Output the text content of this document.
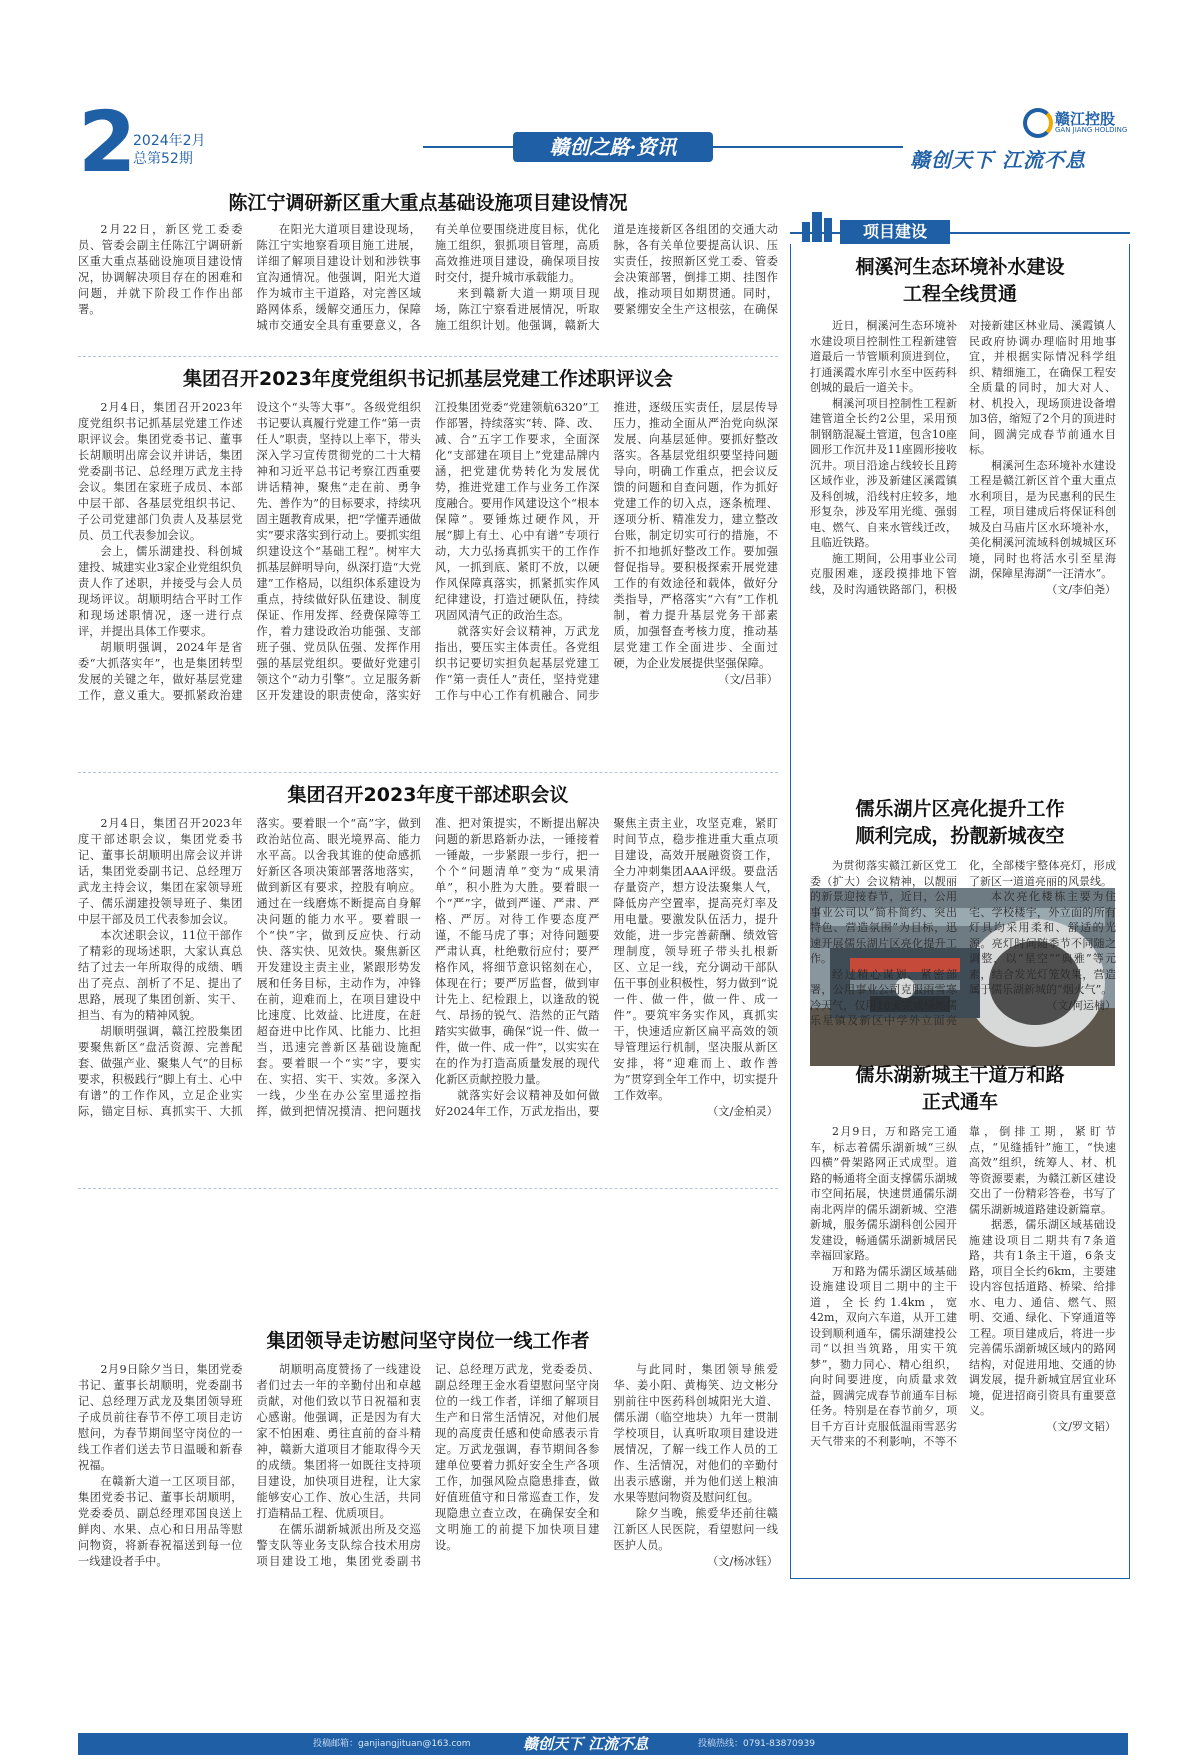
2 2024年2月
总第52期	赣创之路·资讯
赣江控股
GAN JIANG HOLDING
赣创天下 江流不息
陈江宁调研新区重大重点基础设施项目建设情况

2月22日，新区党工委委员、管委会副主任陈江宁调研新区重大重点基础设施项目建设情况，协调解决项目存在的困难和问题，并就下阶段工作作出部署。

在阳光大道项目建设现场，陈江宁实地察看项目施工进展，详细了解项目建设计划和涉铁事宜沟通情况。他强调，阳光大道作为城市主干道路，对完善区域路网体系，缓解交通压力，保障城市交通安全具有重要意义，各有关单位要围绕进度目标，优化施工组织，狠抓项目管理，高质高效推进项目建设，确保项目按时交付，提升城市承载能力。

来到赣新大道一期项目现场，陈江宁察看进展情况，听取施工组织计划。他强调，赣新大道是连接新区各组团的交通大动脉，各有关单位要提高认识、压实责任，按照新区党工委、管委会决策部署，倒排工期、挂图作战，推动项目如期贯通。同时，要紧绷安全生产这根弦，在确保

集团召开2023年度党组织书记抓基层党建工作述职评议会

2月4日，集团召开2023年度党组织书记抓基层党建工作述职评议会。集团党委书记、董事长胡顺明出席会议并讲话，集团党委副书记、总经理万武龙主持会议。集团在家班子成员、本部中层干部、各基层党组织书记、子公司党建部门负责人及基层党员、员工代表参加会议。

会上，儒乐湖建投、科创城建投、城建实业3家企业党组织负责人作了述职，并接受与会人员现场评议。胡顺明结合平时工作和现场述职情况，逐一进行点评，并提出具体工作要求。

胡顺明强调，2024年是省委“大抓落实年”，也是集团转型发展的关键之年，做好基层党建工作，意义重大。要抓紧政治建设这个“头等大事”。各级党组织书记要认真履行党建工作“第一责任人”职责，坚持以上率下，带头深入学习宣传贯彻党的二十大精神和习近平总书记考察江西重要讲话精神，聚焦“走在前、勇争先、善作为”的目标要求，持续巩固主题教育成果，把“学懂弄通做实”要求落实到行动上。要抓实组织建设这个“基础工程”。树牢大抓基层鲜明导向，纵深打造“大党建”工作格局，以组织体系建设为重点，持续做好队伍建设、制度保证、作用发挥、经费保障等工作，着力建设政治功能强、支部班子强、党员队伍强、发挥作用强的基层党组织。要做好党建引领这个“动力引擎”。立足服务新区开发建设的职责使命，落实好江投集团党委“党建领航6320”工作部署，持续落实“转、降、改、减、合”五字工作要求，全面深化“支部建在项目上”党建品牌内涵，把党建优势转化为发展优势，推进党建工作与业务工作深度融合。要用作风建设这个“根本保障”。要锤炼过硬作风，开展“脚上有土、心中有谱”专项行动，大力弘扬真抓实干的工作作风，一抓到底、紧盯不放，以硬作风保障真落实，抓紧抓实作风纪律建设，打造过硬队伍，持续巩固风清气正的政治生态。

就落实好会议精神，万武龙指出，要压实主体责任。各党组织书记要切实担负起基层党建工作“第一责任人”责任，坚持党建工作与中心工作有机融合、同步推进，逐级压实责任，层层传导压力，推动全面从严治党向纵深发展、向基层延伸。要抓好整改落实。各基层党组织要坚持问题导向，明确工作重点，把会议反馈的问题和自查问题，作为抓好党建工作的切入点，逐条梳理、逐项分析、精准发力，建立整改台账，制定切实可行的措施，不折不扣地抓好整改工作。要加强督促指导。要积极探索开展党建工作的有效途径和载体，做好分类指导，严格落实“六有”工作机制，着力提升基层党务干部素质，加强督查考核力度，推动基层党建工作全面进步、全面过硬，为企业发展提供坚强保障。

（文/吕菲）

集团召开2023年度干部述职会议

2月4日，集团召开2023年度干部述职会议，集团党委书记、董事长胡顺明出席会议并讲话，集团党委副书记、总经理万武龙主持会议，集团在家领导班子、儒乐湖建投领导班子、集团中层干部及员工代表参加会议。

本次述职会议，11位干部作了精彩的现场述职，大家认真总结了过去一年所取得的成绩、晒出了亮点、剖析了不足、提出了思路，展现了集团创新、实干、担当、有为的精神风貌。

胡顺明强调，赣江控股集团要聚焦新区“盘活资源、完善配套、做强产业、聚集人气”的目标要求，积极践行“脚上有土、心中有谱”的工作作风，立足企业实际，锚定目标、真抓实干、大抓落实。要着眼一个“高”字，做到政治站位高、眼光境界高、能力水平高。以舍我其谁的使命感抓好新区各项决策部署落地落实，做到新区有要求，控股有响应。通过在一线磨炼不断提高自身解决问题的能力水平。要着眼一个“快”字，做到反应快、行动快、落实快、见效快。聚焦新区开发建设主责主业，紧跟形势发展和任务目标，主动作为，冲锋在前，迎难而上，在项目建设中比速度、比效益、比进度，在赶超奋进中比作风、比能力、比担当，迅速完善新区基础设施配套。要着眼一个“实”字，要实在、实招、实干、实效。多深入一线，少坐在办公室里遥控指挥，做到把情况摸清、把问题找准、把对策提实，不断提出解决问题的新思路新办法，一锤接着一锤敲，一步紧跟一步行，把一个个“问题清单”变为“成果清单”，积小胜为大胜。要着眼一个“严”字，做到严谨、严肃、严格、严厉。对待工作要态度严谨，不能马虎了事；对待问题要严肃认真，杜绝敷衍应付；要严格作风，将细节意识铭刻在心，体现在行；要严厉监督，做到审计先上、纪检跟上，以逢敌的锐气、昂扬的锐气、浩然的正气踏踏实实做事，确保“说一件、做一件，做一件、成一件”，以实实在在的作为打造高质量发展的现代化新区贡献控股力量。

就落实好会议精神及如何做好2024年工作，万武龙指出，要聚焦主责主业，攻坚克难，紧盯时间节点，稳步推进重大重点项目建设，高效开展融资资工作，全力冲刺集团AAA评级。要盘活存量资产，想方设法聚集人气，降低房产空置率，提高亮灯率及用电量。要激发队伍活力，提升效能，进一步完善薪酬、绩效管理制度，领导班子带头扎根新区、立足一线，充分调动干部队伍干事创业积极性，努力做到“说一件、做一件，做一件、成一件”。要筑牢务实作风，真抓实干，快速适应新区扁平高效的领导管理运行机制，坚决服从新区安排，将“迎难而上、敢作善为”贯穿到全年工作中，切实提升工作效率。

（文/金柏灵）

集团领导走访慰问坚守岗位一线工作者

2月9日除夕当日，集团党委书记、董事长胡顺明，党委副书记、总经理万武龙及集团领导班子成员前往春节不停工项目走访慰问，为春节期间坚守岗位的一线工作者们送去节日温暖和新春祝福。

在赣新大道一工区项目部，集团党委书记、董事长胡顺明，党委委员、副总经理邓国良送上鲜肉、水果、点心和日用品等慰问物资，将新春祝福送到每一位一线建设者手中。

胡顺明高度赞扬了一线建设者们过去一年的辛勤付出和卓越贡献，对他们致以节日祝福和衷心感谢。他强调，正是因为有大家不怕困难、勇往直前的奋斗精神，赣新大道项目才能取得今天的成绩。集团将一如既往支持项目建设，加快项目进程，让大家能够安心工作、放心生活，共同打造精品工程、优质项目。

在儒乐湖新城派出所及交巡警支队等业务支队综合技术用房项目建设工地，集团党委副书记、总经理万武龙，党委委员、副总经理王金水看望慰问坚守岗位的一线工作者，详细了解项目生产和日常生活情况，对他们展现的高度责任感和使命感表示肯定。万武龙强调，春节期间各参建单位要着力抓好安全生产各项工作，加强风险点隐患排查，做好值班值守和日常巡查工作，发现隐患立查立改，在确保安全和文明施工的前提下加快项目建设。

与此同时，集团领导熊爱华、姜小阳、黄梅笑、边文彬分别前往中医药科创城阳光大道、儒乐湖（临空地块）九年一贯制学校项目，认真听取项目建设进展情况，了解一线工作人员的工作、生活情况，对他们的辛勤付出表示感谢，并为他们送上粮油水果等慰问物资及慰问红包。

除夕当晚，熊爱华还前往赣江新区人民医院，看望慰问一线医护人员。

（文/杨冰钰）

项目建设
桐溪河生态环境补水建设
工程全线贯通

近日，桐溪河生态环境补水建设项目控制性工程新建管道最后一节管顺利顶进到位，打通溪霞水库引水至中医药科创城的最后一道关卡。

桐溪河项目控制性工程新建管道全长约2公里，采用预制钢筋混凝土管道，包含10座圆形工作沉井及11座圆形接收沉井。项目沿途占线较长且跨区域作业，涉及新建区溪霞镇及科创城，沿线村庄较多，地形复杂，涉及军用光缆、强弱电、燃气、自来水管线迁改，且临近铁路。

施工期间，公用事业公司克服困难，逐段摸排地下管线，及时沟通铁路部门，积极对接新建区林业局、溪霞镇人民政府协调办理临时用地事宜，并根据实际情况科学组织、精细施工，在确保工程安全质量的同时，加大对人、材、机投入，现场顶进设备增加3倍，缩短了2个月的顶进时间，圆满完成春节前通水目标。

桐溪河生态环境补水建设工程是赣江新区首个重大重点水利项目，是为民惠利的民生工程，项目建成后将保证科创城及白马庙片区水环境补水，美化桐溪河流域科创城城区环境，同时也将活水引至星海湖，保障星海湖“一汪清水”。

（文/李伯尧）

儒乐湖片区亮化提升工作
顺利完成，扮靓新城夜空

为贯彻落实赣江新区党工委（扩大）会议精神，以靓丽的新景迎接春节，近日，公用事业公司以“简朴简约、突出特色、营造氛围”为目标，迅速开展儒乐湖片区亮化提升工作。

经过精心谋划、紧密部署，公用事业公司克服雨雪寒冷天气，仅用18天完成绿地儒乐星镇及新区中学外立面亮化，全部楼宇整体亮灯，形成了新区一道道亮丽的风景线。

本次亮化楼栋主要为住宅、学校楼宇，外立面的所有灯具均采用柔和、舒适的光源。亮灯时间随季节不同随之调整，以“星空”“典雅”等元素，结合发光灯笼效果，营造属于儒乐湖新城的“烟火气”。

（文/何运楠）

儒乐湖新城主干道万和路
正式通车

2月9日，万和路完工通车，标志着儒乐湖新城“三纵四横”骨架路网正式成型。道路的畅通将全面支撑儒乐湖城市空间拓展，快速贯通儒乐湖南北两岸的儒乐湖新城、空港新城，服务儒乐湖科创公园开发建设，畅通儒乐湖新城居民幸福回家路。

万和路为儒乐湖区域基础设施建设项目二期中的主干道，全长约1.4km，宽42m，双向六车道，从开工建设到顺利通车，儒乐湖建投公司“以担当筑路，用实干筑梦”，勠力同心、精心组织，向时间要进度，向质量求效益，圆满完成春节前通车目标任务。特别是在春节前夕，项目千方百计克服低温雨雪恶劣天气带来的不利影响，不等不靠，倒排工期，紧盯节点，“见缝插针”施工，“快速高效”组织，统筹人、材、机等资源要素，为赣江新区建设交出了一份精彩答卷，书写了儒乐湖新城道路建设新篇章。

据悉，儒乐湖区域基础设施建设项目二期共有7条道路，共有1条主干道，6条支路，项目全长约6km，主要建设内容包括道路、桥梁、给排水、电力、通信、燃气、照明、交通、绿化、下穿通道等工程。项目建成后，将进一步完善儒乐湖新城区域内的路网结构，对促进用地、交通的协调发展，提升新城宜居宜业环境，促进招商引资具有重要意义。

（文/罗文韬）

投稿邮箱：ganjiangjituan@163.com	赣创天下 江流不息	投稿热线：0791-83870939
